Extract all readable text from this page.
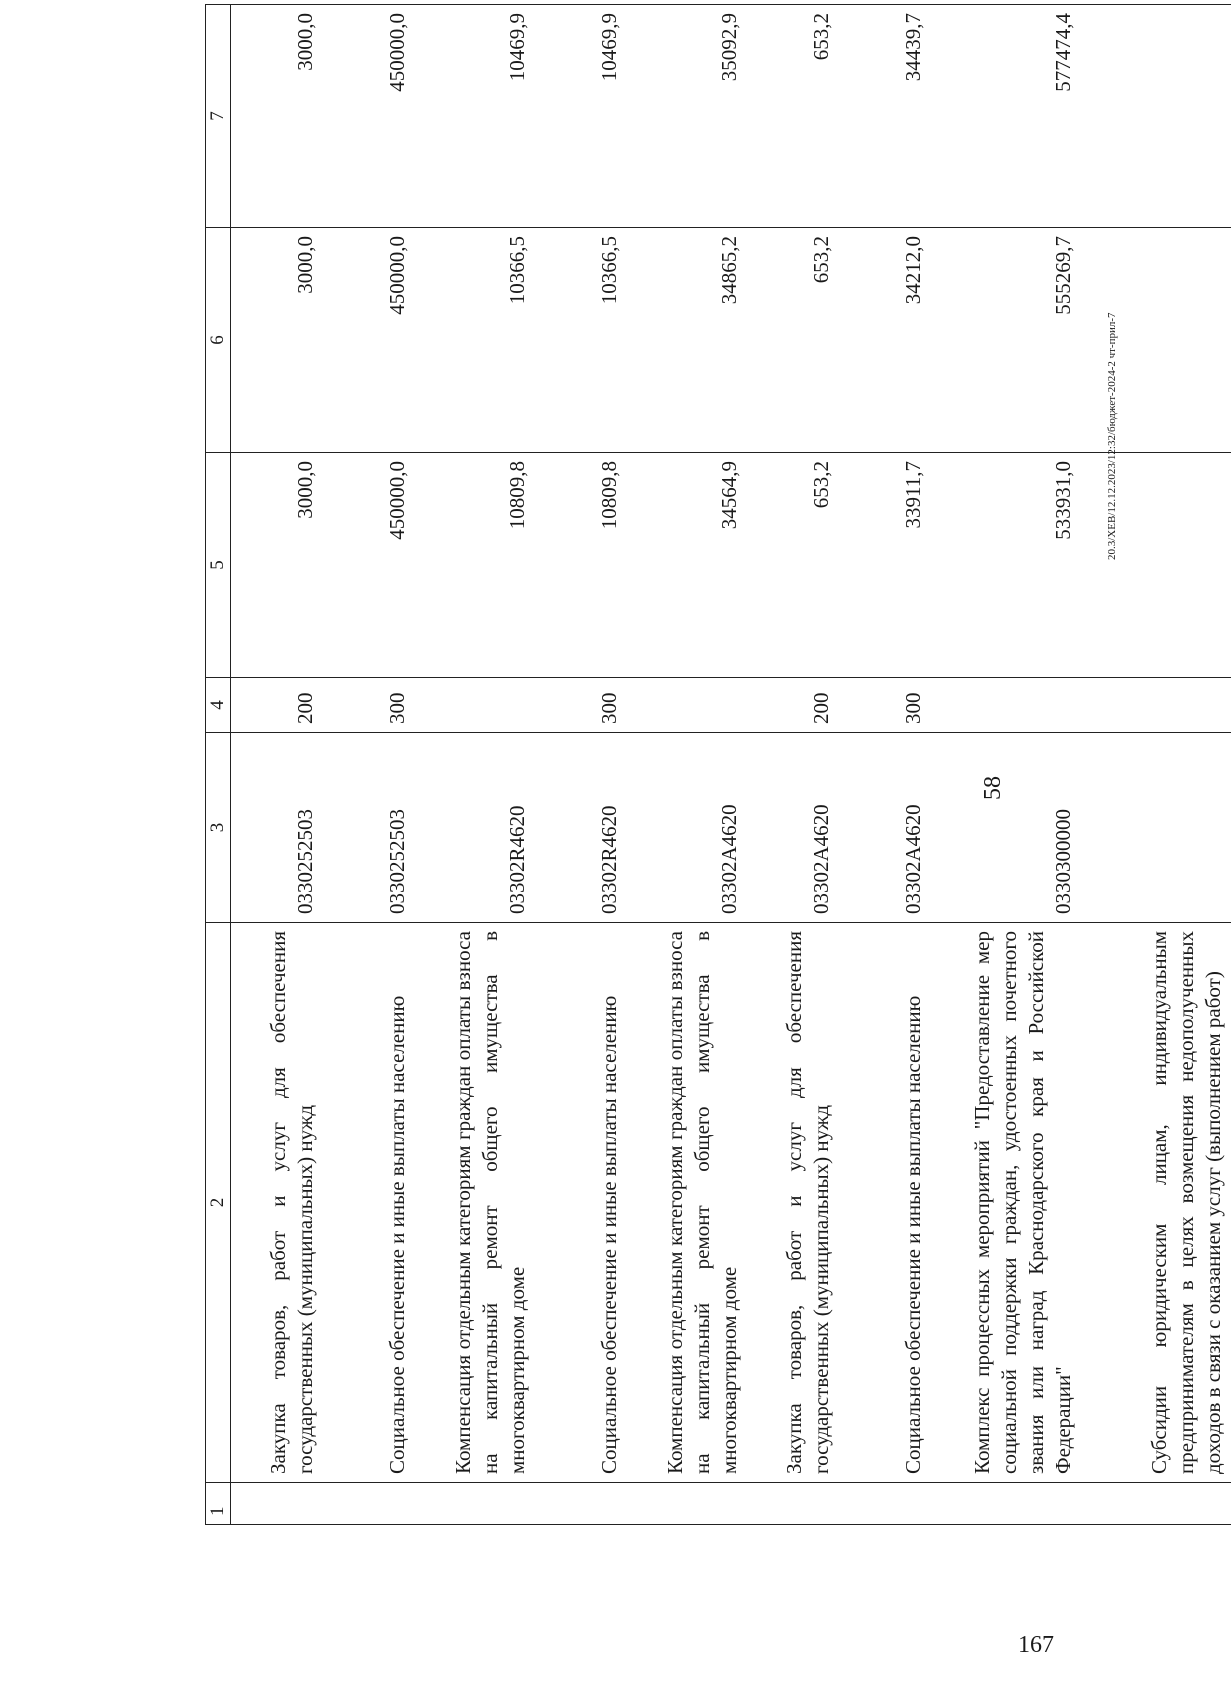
167
58
1	2	3	4	5	6	7
	Закупка товаров, работ и услуг для обеспечения государственных (муниципальных) нужд	0330252503	200	3000,0	3000,0	3000,0
	Социальное обеспечение и иные выплаты населению	0330252503	300	450000,0	450000,0	450000,0
	Компенсация отдельным категориям граждан оплаты взноса на капитальный ремонт общего имущества в многоквартирном доме	03302R4620		10809,8	10366,5	10469,9
	Социальное обеспечение и иные выплаты населению	03302R4620	300	10809,8	10366,5	10469,9
	Компенсация отдельным категориям граждан оплаты взноса на капитальный ремонт общего имущества в многоквартирном доме	03302A4620		34564,9	34865,2	35092,9
	Закупка товаров, работ и услуг для обеспечения государственных (муниципальных) нужд	03302A4620	200	653,2	653,2	653,2
	Социальное обеспечение и иные выплаты населению	03302A4620	300	33911,7	34212,0	34439,7
	Комплекс процессных мероприятий "Предоставление мер социальной поддержки граждан, удостоенных почетного звания или наград Краснодарского края и Российской Федерации"	0330300000		533931,0	555269,7	577474,4
	Субсидии юридическим лицам, индивидуальным предпринимателям в целях возмещения недополученных доходов в связи с оказанием услуг (выполнением работ)					
20.3/ХЕВ/12.12.2023/12:32/бюджет-2024-2 чт-прил-7
